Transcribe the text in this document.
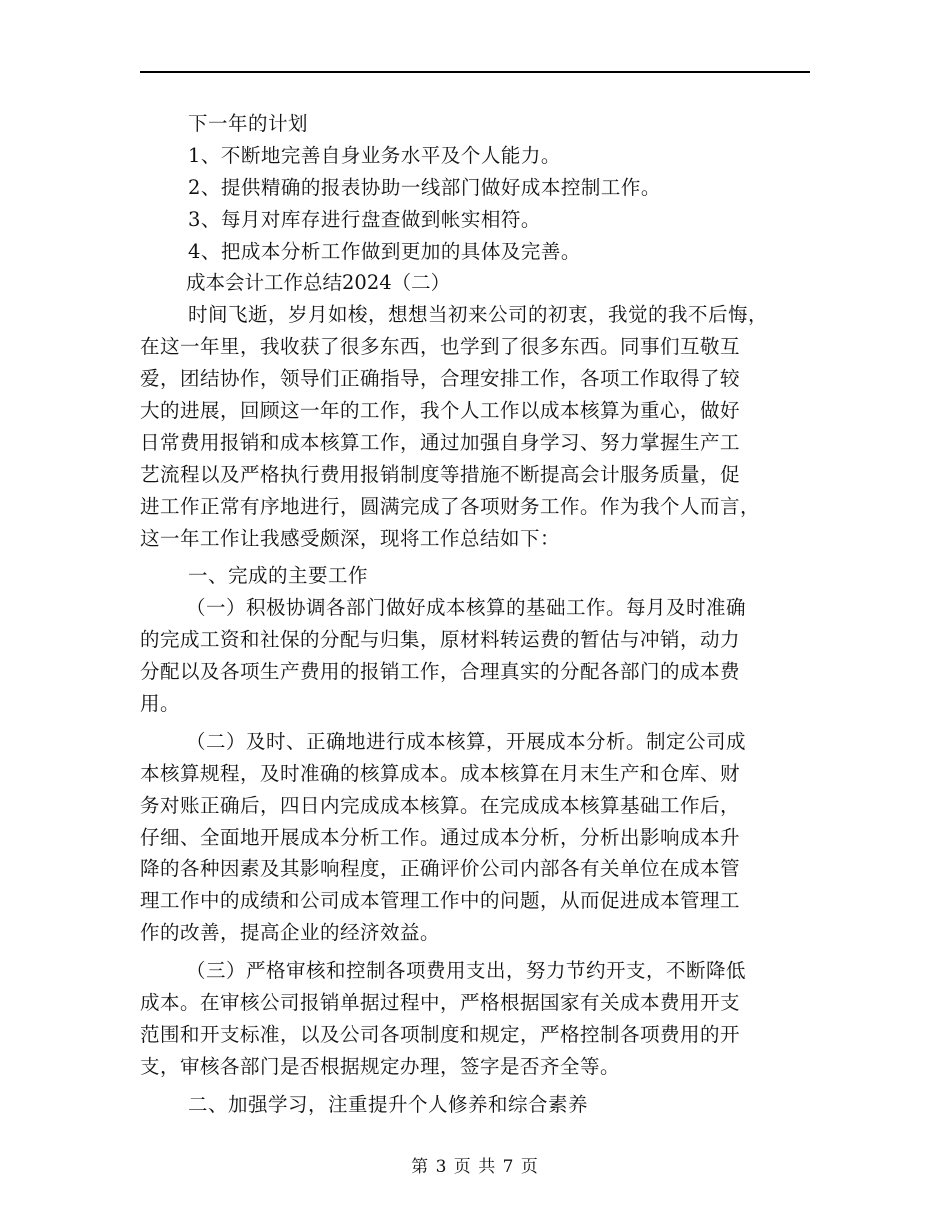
下一年的计划
1、不断地完善自身业务水平及个人能力。
2、提供精确的报表协助一线部门做好成本控制工作。
3、每月对库存进行盘查做到帐实相符。
4、把成本分析工作做到更加的具体及完善。
成本会计工作总结2024（二）
时间飞逝，岁月如梭，想想当初来公司的初衷，我觉的我不后悔，
在这一年里，我收获了很多东西，也学到了很多东西。同事们互敬互
爱，团结协作，领导们正确指导，合理安排工作，各项工作取得了较
大的进展，回顾这一年的工作，我个人工作以成本核算为重心，做好
日常费用报销和成本核算工作，通过加强自身学习、努力掌握生产工
艺流程以及严格执行费用报销制度等措施不断提高会计服务质量，促
进工作正常有序地进行，圆满完成了各项财务工作。作为我个人而言，
这一年工作让我感受颇深，现将工作总结如下：
一、完成的主要工作
（一）积极协调各部门做好成本核算的基础工作。每月及时准确
的完成工资和社保的分配与归集，原材料转运费的暂估与冲销，动力
分配以及各项生产费用的报销工作，合理真实的分配各部门的成本费
用。
（二）及时、正确地进行成本核算，开展成本分析。制定公司成
本核算规程，及时准确的核算成本。成本核算在月末生产和仓库、财
务对账正确后，四日内完成成本核算。在完成成本核算基础工作后，
仔细、全面地开展成本分析工作。通过成本分析，分析出影响成本升
降的各种因素及其影响程度，正确评价公司内部各有关单位在成本管
理工作中的成绩和公司成本管理工作中的问题，从而促进成本管理工
作的改善，提高企业的经济效益。
（三）严格审核和控制各项费用支出，努力节约开支，不断降低
成本。在审核公司报销单据过程中，严格根据国家有关成本费用开支
范围和开支标准，以及公司各项制度和规定，严格控制各项费用的开
支，审核各部门是否根据规定办理，签字是否齐全等。
二、加强学习，注重提升个人修养和综合素养
第 3 页 共 7 页
